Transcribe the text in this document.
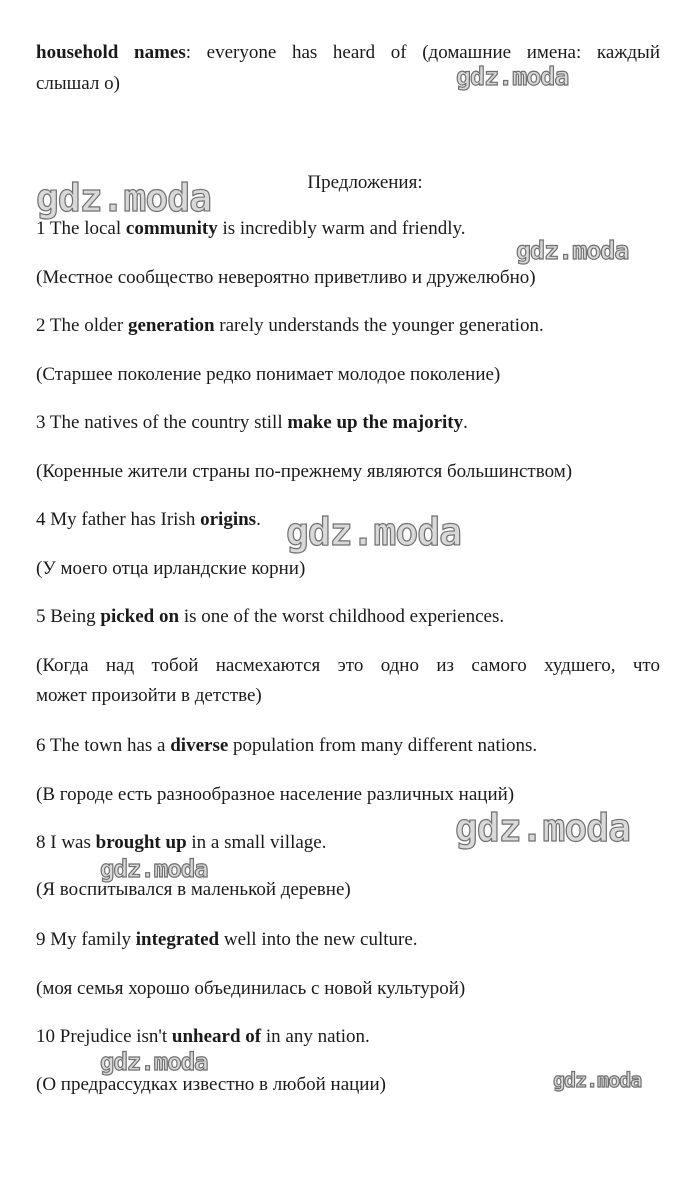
household names: everyone has heard of (домашние имена: каждый
слышал о)
Предложения:
1 The local community is incredibly warm and friendly.
(Местное сообщество невероятно приветливо и дружелюбно)
2 The older generation rarely understands the younger generation.
(Старшее поколение редко понимает молодое поколение)
3 The natives of the country still make up the majority.
(Коренные жители страны по-прежнему являются большинством)
4 My father has Irish origins.
(У моего отца ирландские корни)
5 Being picked on is one of the worst childhood experiences.
(Когда над тобой насмехаются это одно из самого худшего, что
может произойти в детстве)
6 The town has a diverse population from many different nations.
(В городе есть разнообразное население различных наций)
8 I was brought up in a small village.
(Я воспитывался в маленькой деревне)
9 My family integrated well into the new culture.
(моя семья хорошо объединилась с новой культурой)
10 Prejudice isn't unheard of in any nation.
(О предрассудках известно в любой нации)
gdz.moda
gdz.moda
gdz.moda
gdz.moda
gdz.moda
gdz.moda
gdz.moda
gdz.moda
